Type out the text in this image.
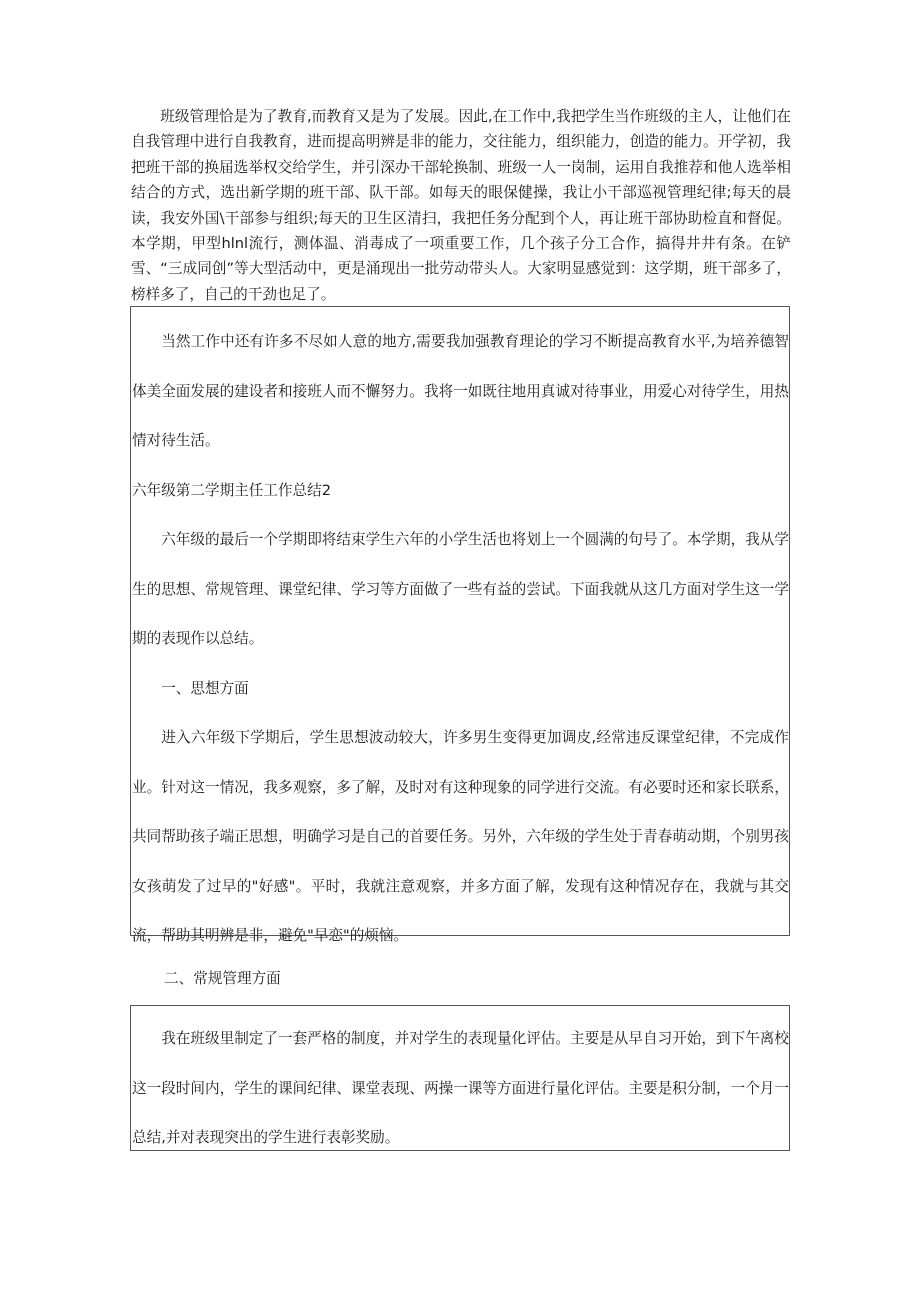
班级管理恰是为了教育,而教育又是为了发展。因此,在工作中,我把学生当作班级的主人，让他们在自我管理中进行自我教育，进而提高明辨是非的能力，交往能力，组织能力，创造的能力。开学初，我把班干部的换届选举权交给学生，并引深办干部轮换制、班级一人一岗制，运用自我推荐和他人选举相结合的方式，选出新学期的班干部、队干部。如每天的眼保健操，我让小干部巡视管理纪律;每天的晨读，我安外国\干部参与组织;每天的卫生区清扫，我把任务分配到个人，再让班干部协助检直和督促。本学期，甲型hlnl流行，测体温、消毒成了一项重要工作，几个孩子分工合作，搞得井井有条。在铲雪、“三成同创”等大型活动中，更是涌现出一批劳动带头人。大家明显感觉到：这学期，班干部多了，榜样多了，自己的干劲也足了。

当然工作中还有许多不尽如人意的地方,需要我加强教育理论的学习不断提高教育水平,为培养德智体美全面发展的建设者和接班人而不懈努力。我将一如既往地用真诚对待事业，用爱心对待学生，用热情对待生活。

六年级第二学期主任工作总结2

六年级的最后一个学期即将结束学生六年的小学生活也将划上一个圆满的句号了。本学期，我从学生的思想、常规管理、课堂纪律、学习等方面做了一些有益的尝试。下面我就从这几方面对学生这一学期的表现作以总结。

一、思想方面

进入六年级下学期后，学生思想波动较大，许多男生变得更加调皮,经常违反课堂纪律，不完成作业。针对这一情况，我多观察，多了解，及时对有这种现象的同学进行交流。有必要时还和家长联系，共同帮助孩子端正思想，明确学习是自己的首要任务。另外，六年级的学生处于青春萌动期，个别男孩女孩萌发了过早的"好感"。平时，我就注意观察，并多方面了解，发现有这种情况存在，我就与其交流，帮助其明辨是非，避免"早恋"的烦恼。

二、常规管理方面

我在班级里制定了一套严格的制度，并对学生的表现量化评估。主要是从早自习开始，到下午离校这一段时间内，学生的课间纪律、课堂表现、两操一课等方面进行量化评估。主要是积分制，一个月一总结,并对表现突出的学生进行表彰奖励。
